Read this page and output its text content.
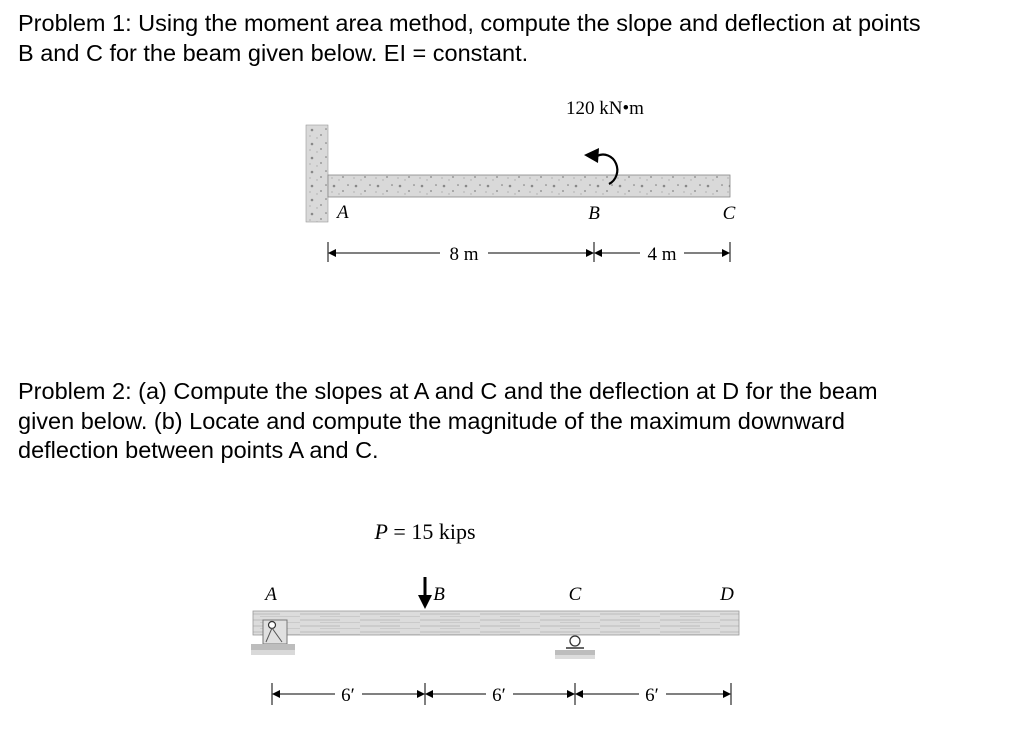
Problem 1: Using the moment area method, compute the slope and deflection at points
B and C for the beam given below. EI = constant.

120 kN•m
A	B	C
8 m	4 m

Problem 2: (a) Compute the slopes at A and C and the deflection at D for the beam
given below. (b) Locate and compute the magnitude of the maximum downward
deflection between points A and C.

P = 15 kips
A	B	C	D
6′	6′	6′
